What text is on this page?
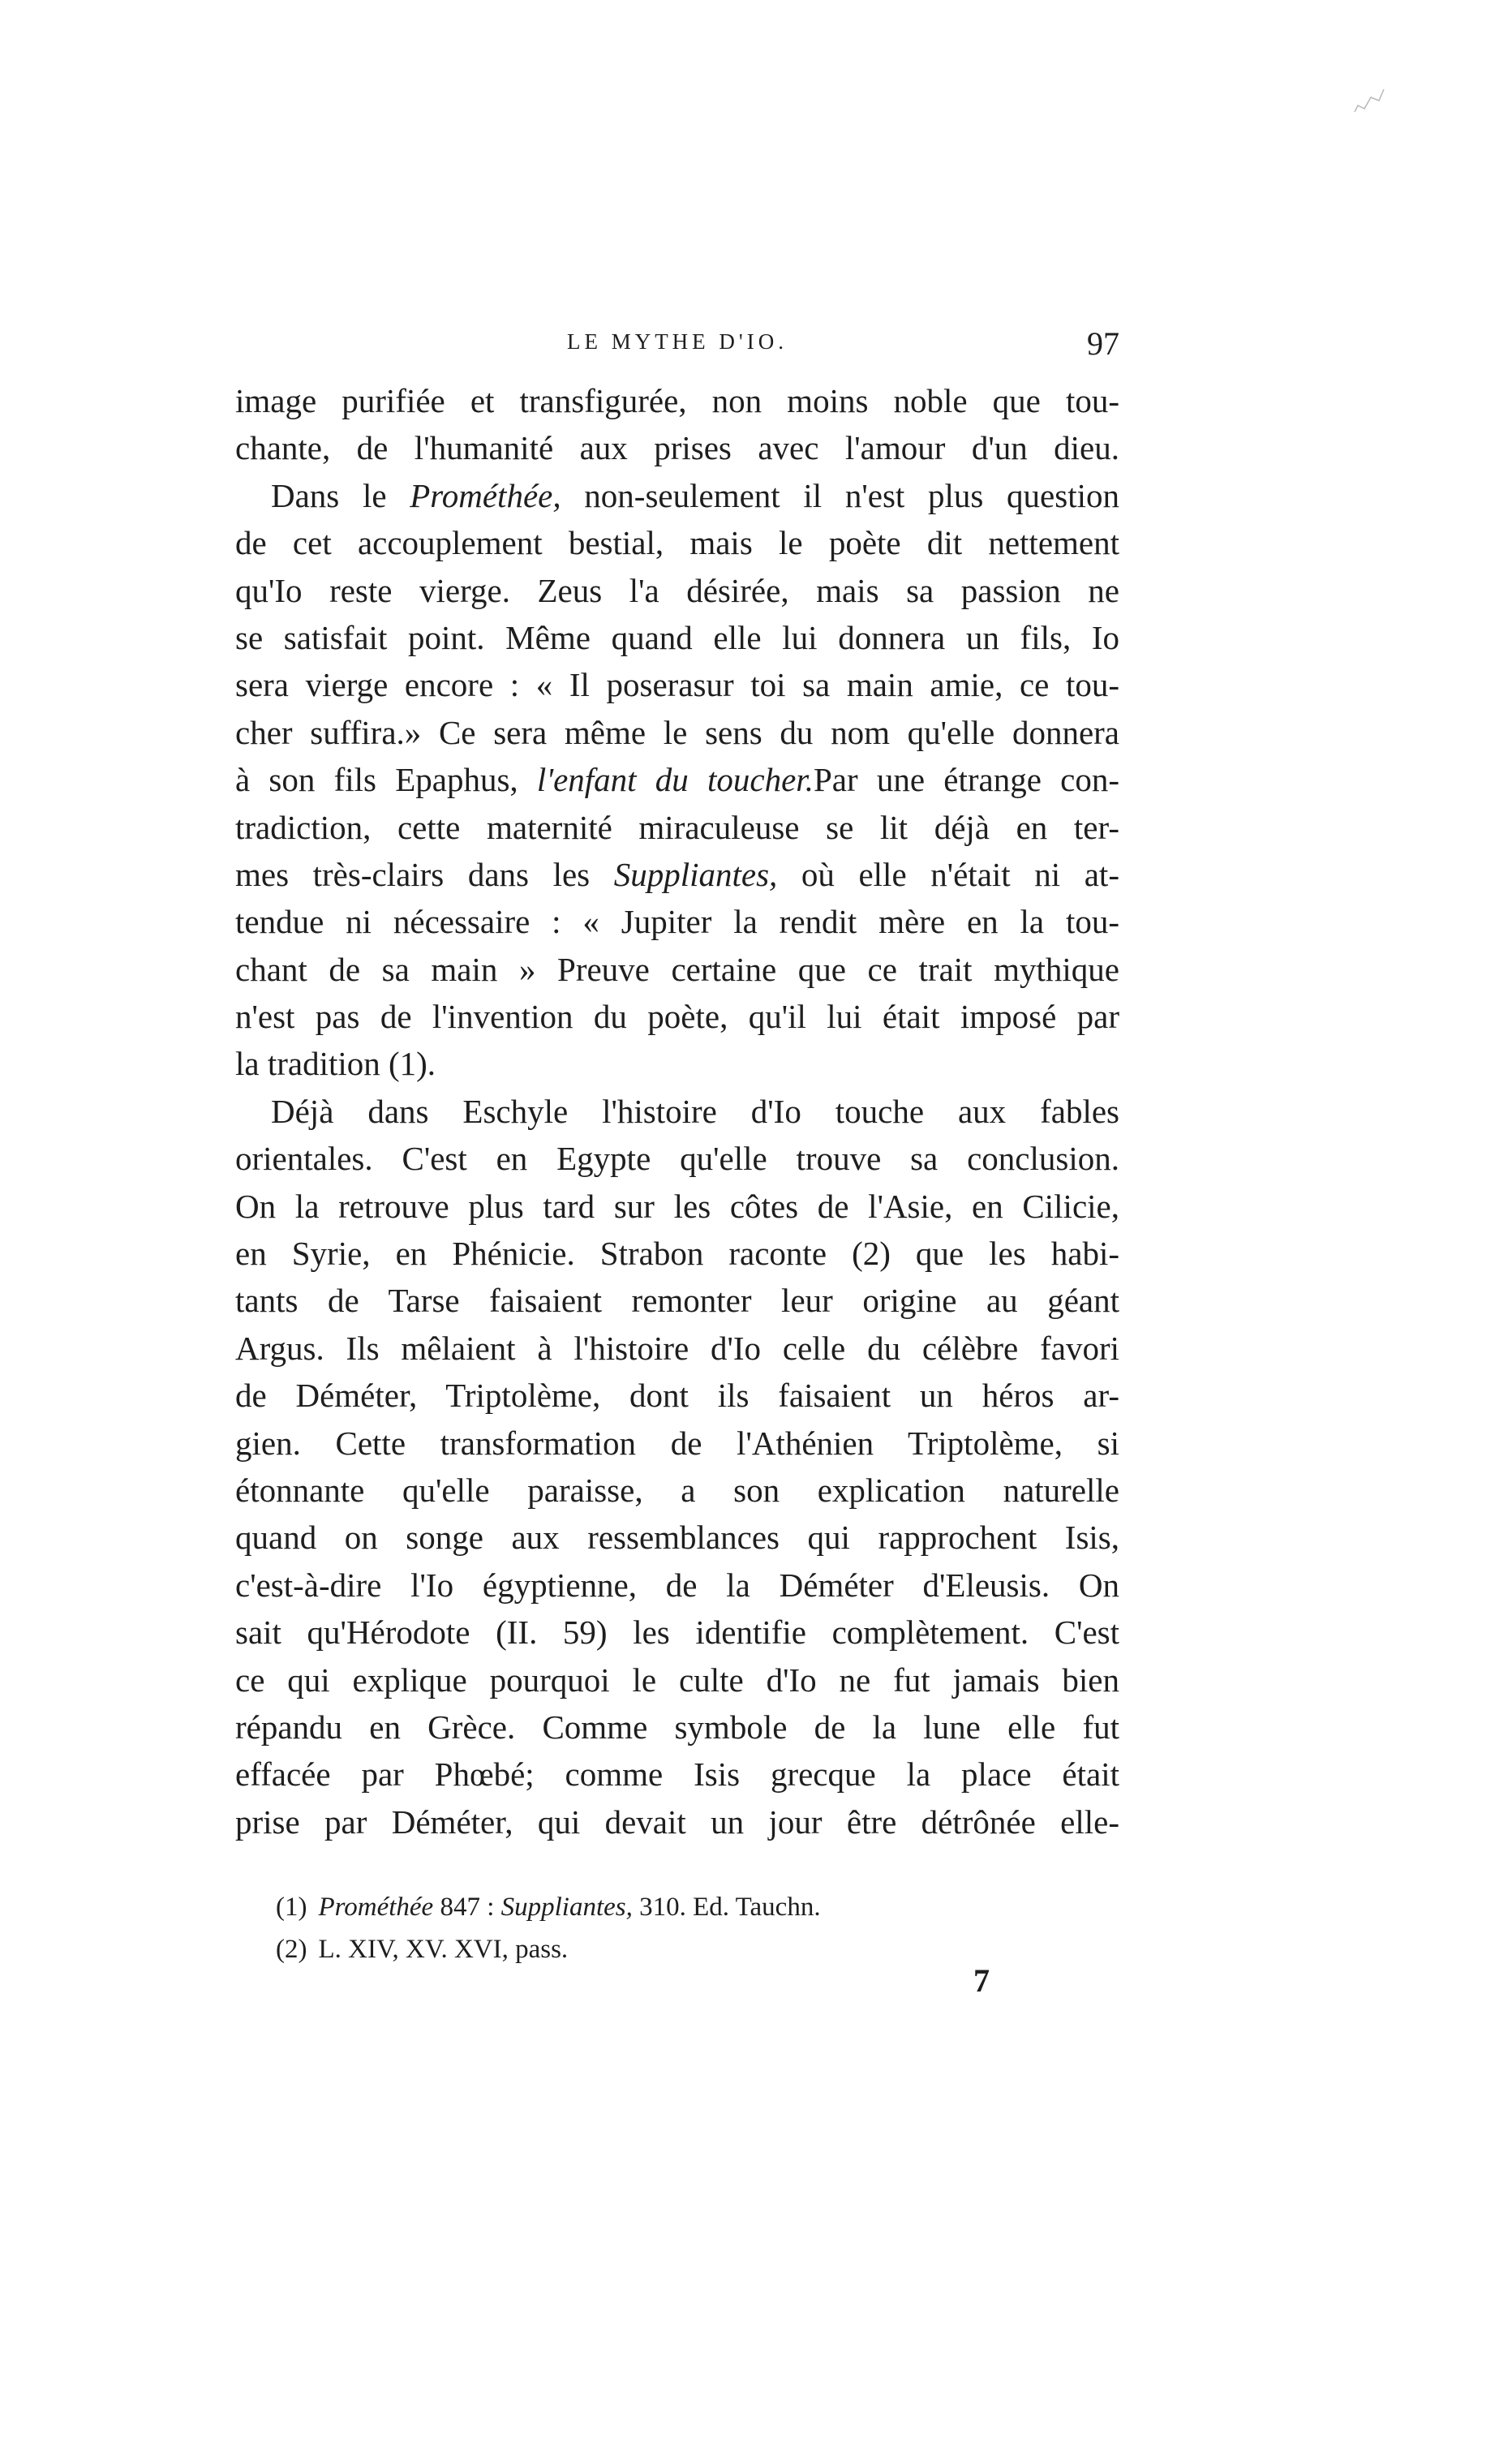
LE MYTHE D'IO.	97
image purifiée et transfigurée, non moins noble que tou-
chante, de l'humanité aux prises avec l'amour d'un dieu.
Dans le Prométhée, non-seulement il n'est plus question
de cet accouplement bestial, mais le poète dit nettement
qu'Io reste vierge. Zeus l'a désirée, mais sa passion ne
se satisfait point. Même quand elle lui donnera un fils, Io
sera vierge encore : « Il poserasur toi sa main amie, ce tou-
cher suffira.» Ce sera même le sens du nom qu'elle donnera
à son fils Epaphus, l'enfant du toucher.Par une étrange con-
tradiction, cette maternité miraculeuse se lit déjà en ter-
mes très-clairs dans les Suppliantes, où elle n'était ni at-
tendue ni nécessaire : « Jupiter la rendit mère en la tou-
chant de sa main » Preuve certaine que ce trait mythique
n'est pas de l'invention du poète, qu'il lui était imposé par
la tradition (1).
Déjà dans Eschyle l'histoire d'Io touche aux fables
orientales. C'est en Egypte qu'elle trouve sa conclusion.
On la retrouve plus tard sur les côtes de l'Asie, en Cilicie,
en Syrie, en Phénicie. Strabon raconte (2) que les habi-
tants de Tarse faisaient remonter leur origine au géant
Argus. Ils mêlaient à l'histoire d'Io celle du célèbre favori
de Déméter, Triptolème, dont ils faisaient un héros ar-
gien. Cette transformation de l'Athénien Triptolème, si
étonnante qu'elle paraisse, a son explication naturelle
quand on songe aux ressemblances qui rapprochent Isis,
c'est-à-dire l'Io égyptienne, de la Déméter d'Eleusis. On
sait qu'Hérodote (II. 59) les identifie complètement. C'est
ce qui explique pourquoi le culte d'Io ne fut jamais bien
répandu en Grèce. Comme symbole de la lune elle fut
effacée par Phœbé; comme Isis grecque la place était
prise par Déméter, qui devait un jour être détrônée elle-
(1) Prométhée 847 : Suppliantes, 310. Ed. Tauchn.
(2) L. XIV, XV. XVI, pass.
7
